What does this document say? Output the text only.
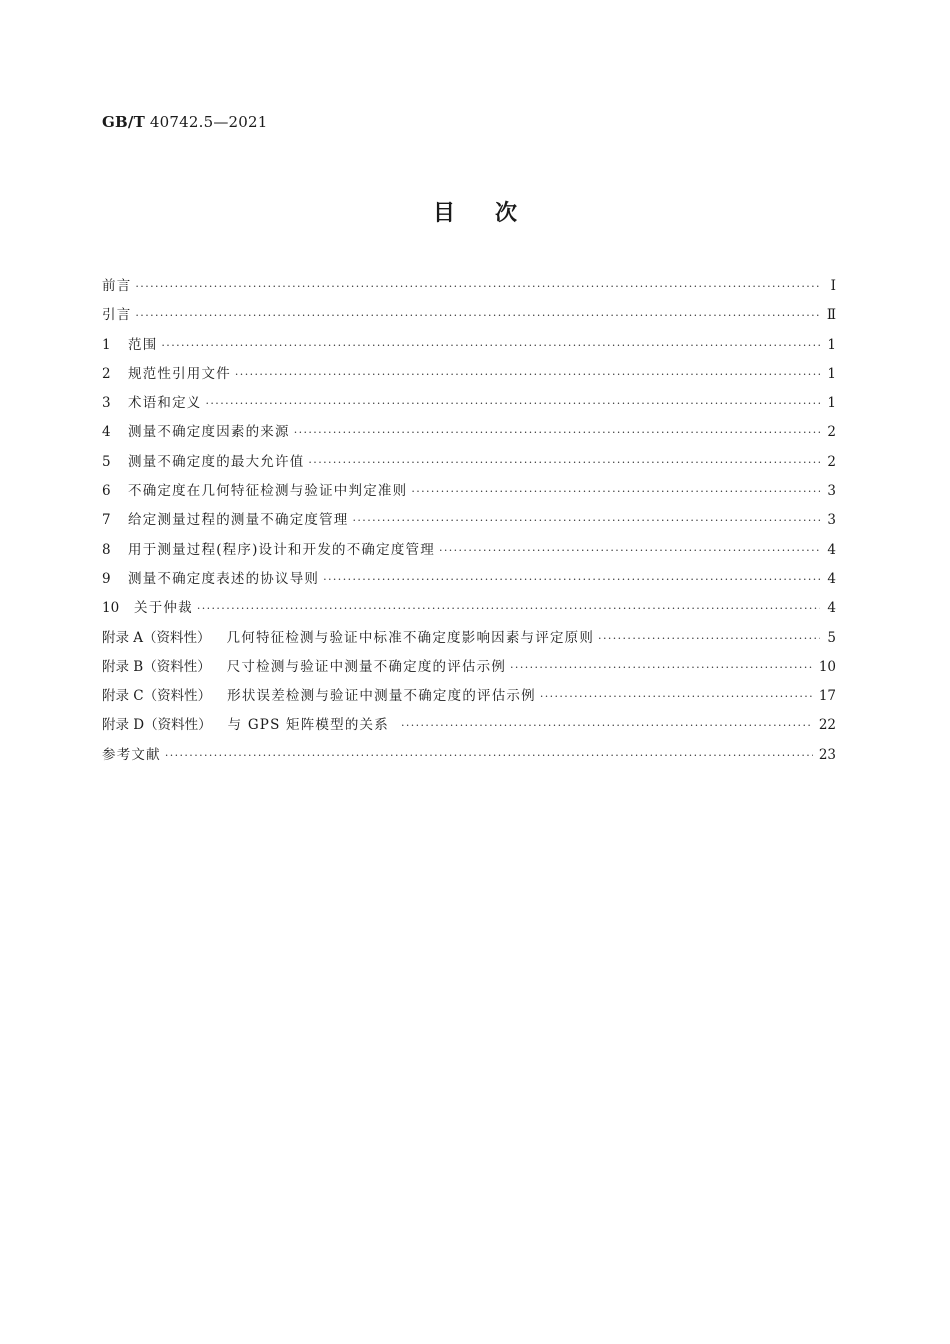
GB/T 40742.5—2021
目次
前言 ·····	Ⅰ
引言 ·····	Ⅱ
1	范围 ·····	1
2	规范性引用文件 ·····	1
3	术语和定义 ·····	1
4	测量不确定度因素的来源 ·····	2
5	测量不确定度的最大允许值 ·····	2
6	不确定度在几何特征检测与验证中判定准则 ·····	3
7	给定测量过程的测量不确定度管理 ·····	3
8	用于测量过程(程序)设计和开发的不确定度管理 ·····	4
9	测量不确定度表述的协议导则 ·····	4
10	关于仲裁 ·····	4
附录 A（资料性） 几何特征检测与验证中标准不确定度影响因素与评定原则 ·····	5
附录 B（资料性） 尺寸检测与验证中测量不确定度的评估示例 ·····	10
附录 C（资料性） 形状误差检测与验证中测量不确定度的评估示例 ·····	17
附录 D（资料性） 与 GPS 矩阵模型的关系 ·····	22
参考文献 ·····	23
